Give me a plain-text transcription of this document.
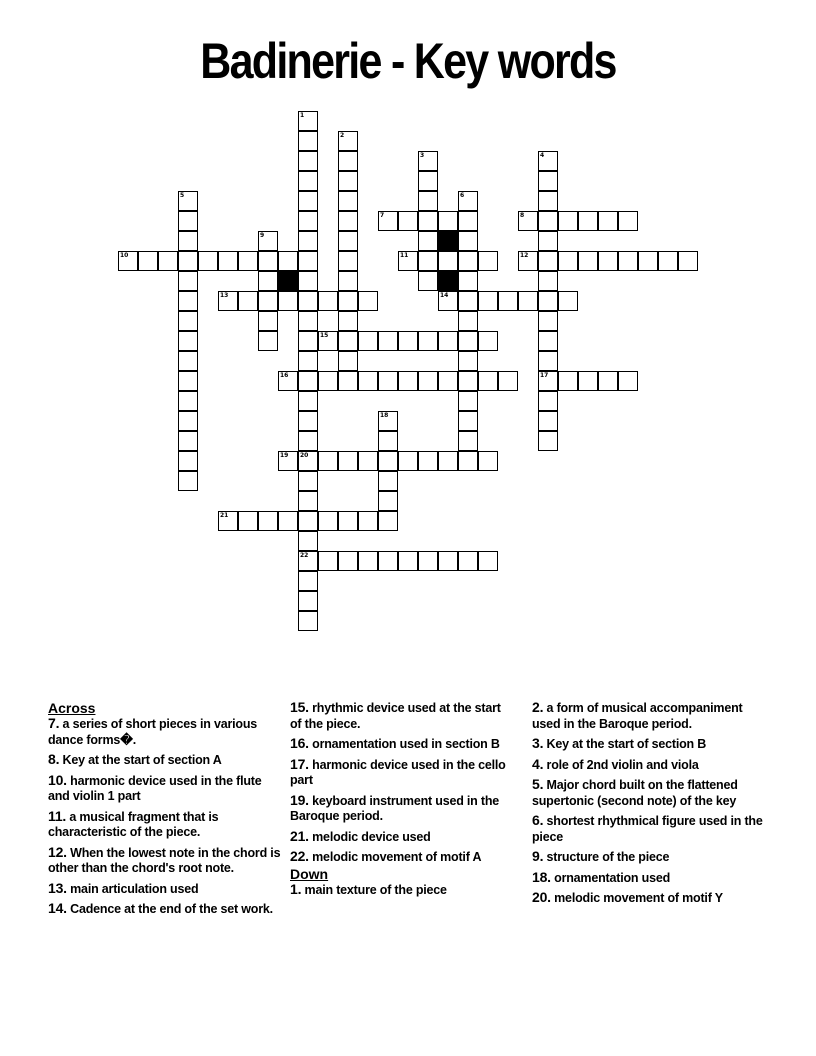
Badinerie - Key words
1
20
22
2
3	4
17
5	6
7	8
9
10	11	12
13	14
15
16
18
19
21
Across
7. a series of short pieces in various dance forms�.
8. Key at the start of section A
10. harmonic device used in the flute and violin 1 part
11. a musical fragment that is characteristic of the piece.
12. When the lowest note in the chord is other than the chord's root note.
13. main articulation used
14. Cadence at the end of the set work.
15. rhythmic device used at the start of the piece.
16. ornamentation used in section B
17. harmonic device used in the cello part
19. keyboard instrument used in the Baroque period.
21. melodic device used
22. melodic movement of motif A
Down
1. main texture of the piece
2. a form of musical accompaniment used in the Baroque period.
3. Key at the start of section B
4. role of 2nd violin and viola
5. Major chord built on the flattened supertonic (second note) of the key
6. shortest rhythmical figure used in the piece
9. structure of the piece
18. ornamentation used
20. melodic movement of motif Y
